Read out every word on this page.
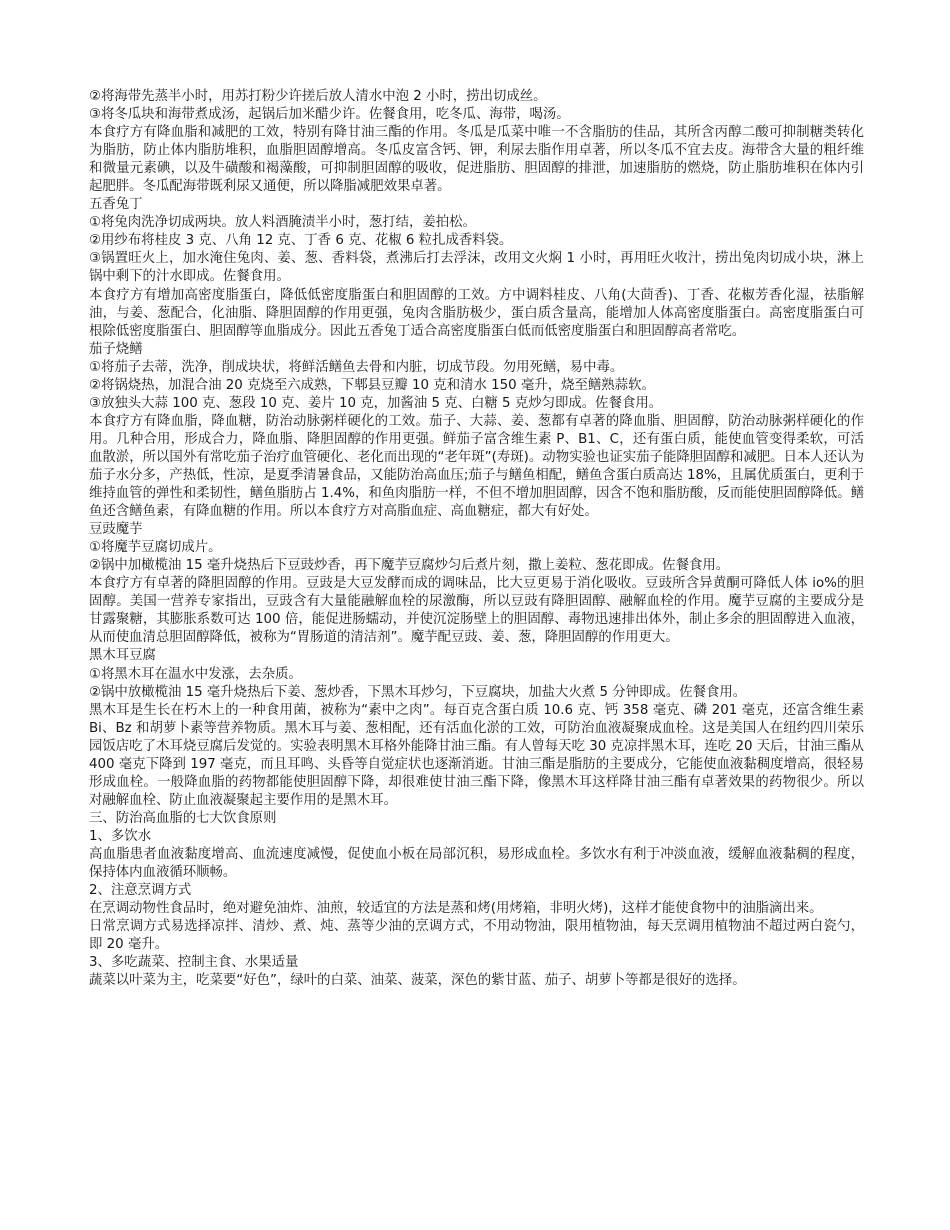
②将海带先蒸半小时，用苏打粉少许搓后放人清水中泡 2 小时，捞出切成丝。

③将冬瓜块和海带煮成汤，起锅后加米醋少许。佐餐食用，吃冬瓜、海带，喝汤。

本食疗方有降血脂和减肥的工效，特别有降甘油三酯的作用。冬瓜是瓜菜中唯一不含脂肪的佳品，其所含丙醇二酸可抑制糖类转化为脂肪，防止体内脂肪堆积，血脂胆固醇增高。冬瓜皮富含钙、钾，利尿去脂作用卓著，所以冬瓜不宜去皮。海带含大量的粗纤维和微量元素碘，以及牛磺酸和褐藻酸，可抑制胆固醇的吸收，促进脂肪、胆固醇的排泄，加速脂肪的燃烧，防止脂肪堆积在体内引起肥胖。冬瓜配海带既利尿又通便，所以降脂减肥效果卓著。

五香兔丁

①将兔肉洗净切成两块。放人料酒腌渍半小时，葱打结，姜拍松。

②用纱布将桂皮 3 克、八角 12 克、丁香 6 克、花椒 6 粒扎成香料袋。

③锅置旺火上，加水淹住兔肉、姜、葱、香料袋，煮沸后打去浮沫，改用文火焖 1 小时，再用旺火收汁，捞出兔肉切成小块，淋上锅中剩下的汁水即成。佐餐食用。

本食疗方有增加高密度脂蛋白，降低低密度脂蛋白和胆固醇的工效。方中调料桂皮、八角(大茴香)、丁香、花椒芳香化湿，祛脂解油，与姜、葱配合，化油脂、降胆固醇的作用更强，兔肉含脂肪极少，蛋白质含量高，能增加人体高密度脂蛋白。高密度脂蛋白可根除低密度脂蛋白、胆固醇等血脂成分。因此五香兔丁适合高密度脂蛋白低而低密度脂蛋白和胆固醇高者常吃。

茄子烧鳝

①将茄子去蒂，洗净，削成块状，将鲜活鳝鱼去骨和内脏，切成节段。勿用死鳝，易中毒。

②将锅烧热，加混合油 20 克烧至六成熟，下郫县豆瓣 10 克和清水 150 毫升，烧至鳝熟蒜软。

③放独头大蒜 100 克、葱段 10 克、姜片 10 克，加酱油 5 克、白糖 5 克炒匀即成。佐餐食用。

本食疗方有降血脂，降血糖，防治动脉粥样硬化的工效。茄子、大蒜、姜、葱都有卓著的降血脂、胆固醇，防治动脉粥样硬化的作用。几种合用，形成合力，降血脂、降胆固醇的作用更强。鲜茄子富含维生素 P、B1、C，还有蛋白质，能使血管变得柔软，可活血散淤，所以国外有常吃茄子治疗血管硬化、老化而出现的“老年斑”(寿斑)。动物实验也证实茄子能降胆固醇和减肥。日本人还认为茄子水分多，产热低，性凉，是夏季清暑食品，又能防治高血压;茄子与鳝鱼相配，鳝鱼含蛋白质高达 18%，且属优质蛋白，更利于维持血管的弹性和柔韧性，鳝鱼脂肪占 1.4%，和鱼肉脂肪一样，不但不增加胆固醇，因含不饱和脂肪酸，反而能使胆固醇降低。鳝鱼还含鳝鱼素，有降血糖的作用。所以本食疗方对高脂血症、高血糖症，都大有好处。

豆豉魔芋

①将魔芋豆腐切成片。

②锅中加橄榄油 15 毫升烧热后下豆豉炒香，再下魔芋豆腐炒匀后煮片刻，撒上姜粒、葱花即成。佐餐食用。

本食疗方有卓著的降胆固醇的作用。豆豉是大豆发酵而成的调味品，比大豆更易于消化吸收。豆豉所含异黄酮可降低人体 io%的胆固醇。美国一营养专家指出，豆豉含有大量能融解血栓的尿激酶，所以豆豉有降胆固醇、融解血栓的作用。魔芋豆腐的主要成分是甘露聚糖，其膨胀系数可达 100 倍，能促进肠蠕动，并使沉淀肠壁上的胆固醇、毒物迅速排出体外，制止多余的胆固醇进入血液，从而使血清总胆固醇降低，被称为“胃肠道的清洁剂”。魔芋配豆豉、姜、葱，降胆固醇的作用更大。

黑木耳豆腐

①将黑木耳在温水中发涨，去杂质。

②锅中放橄榄油 15 毫升烧热后下姜、葱炒香，下黑木耳炒匀，下豆腐块，加盐大火煮 5 分钟即成。佐餐食用。

黑木耳是生长在朽木上的一种食用菌，被称为“素中之肉”。每百克含蛋白质 10.6 克、钙 358 毫克、磷 201 毫克，还富含维生素 Bi、Bz 和胡萝卜素等营养物质。黑木耳与姜、葱相配，还有活血化淤的工效，可防治血液凝聚成血栓。这是美国人在纽约四川荣乐园饭店吃了木耳烧豆腐后发觉的。实验表明黑木耳格外能降甘油三酯。有人曾每天吃 30 克凉拌黑木耳，连吃 20 天后，甘油三酯从 400 毫克下降到 197 毫克，而且耳鸣、头昏等自觉症状也逐渐消逝。甘油三酯是脂肪的主要成分，它能使血液黏稠度增高，很轻易形成血栓。一般降血脂的药物都能使胆固醇下降，却很难使甘油三酯下降，像黑木耳这样降甘油三酯有卓著效果的药物很少。所以对融解血栓、防止血液凝聚起主要作用的是黑木耳。

三、防治高血脂的七大饮食原则

1、多饮水

高血脂患者血液黏度增高、血流速度减慢，促使血小板在局部沉积，易形成血栓。多饮水有利于冲淡血液，缓解血液黏稠的程度，保持体内血液循环顺畅。

2、注意烹调方式

在烹调动物性食品时，绝对避免油炸、油煎，较适宜的方法是蒸和烤(用烤箱，非明火烤)，这样才能使食物中的油脂滴出来。

日常烹调方式易选择凉拌、清炒、煮、炖、蒸等少油的烹调方式，不用动物油，限用植物油，每天烹调用植物油不超过两白瓷勺，即 20 毫升。

3、多吃蔬菜、控制主食、水果适量

蔬菜以叶菜为主，吃菜要“好色”，绿叶的白菜、油菜、菠菜，深色的紫甘蓝、茄子、胡萝卜等都是很好的选择。
